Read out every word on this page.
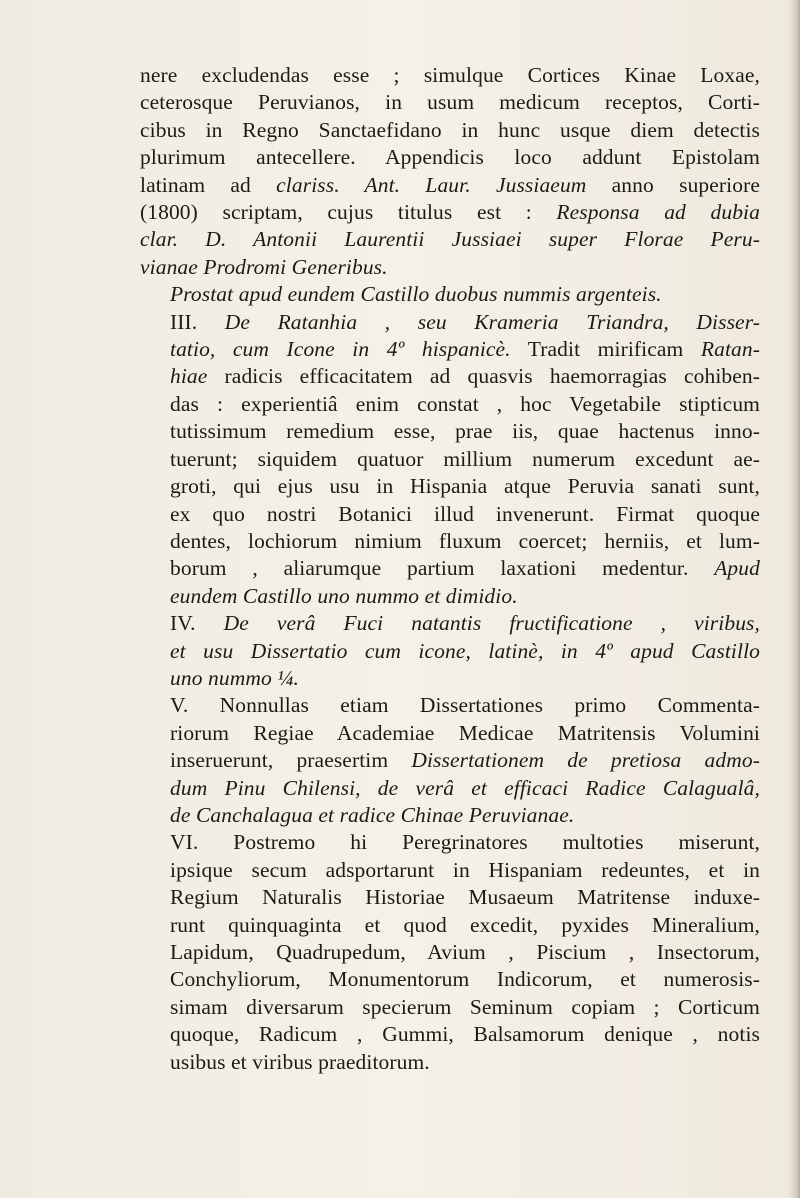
nere excludendas esse ; simulque Cortices Kinae Loxae,
ceterosque Peruvianos, in usum medicum receptos, Corti-
cibus in Regno Sanctaefidano in hunc usque diem detectis
plurimum antecellere. Appendicis loco addunt Epistolam
latinam ad clariss. Ant. Laur. Jussiaeum anno superiore
(1800) scriptam, cujus titulus est : Responsa ad dubia
clar. D. Antonii Laurentii Jussiaei super Florae Peru-
vianae Prodromi Generibus.

Prostat apud eundem Castillo duobus nummis argenteis.

III. De Ratanhia , seu Krameria Triandra, Disser-
tatio, cum Icone in 4º hispanicè. Tradit mirificam Ratan-
hiae radicis efficacitatem ad quasvis haemorragias cohiben-
das : experientiâ enim constat , hoc Vegetabile stipticum
tutissimum remedium esse, prae iis, quae hactenus inno-
tuerunt; siquidem quatuor millium numerum excedunt ae-
groti, qui ejus usu in Hispania atque Peruvia sanati sunt,
ex quo nostri Botanici illud invenerunt. Firmat quoque
dentes, lochiorum nimium fluxum coercet; herniis, et lum-
borum , aliarumque partium laxationi medentur. Apud
eundem Castillo uno nummo et dimidio.

IV. De verâ Fuci natantis fructificatione , viribus,
et usu Dissertatio cum icone, latinè, in 4º apud Castillo
uno nummo ¼.

V. Nonnullas etiam Dissertationes primo Commenta-
riorum Regiae Academiae Medicae Matritensis Volumini
inseruerunt, praesertim Dissertationem de pretiosa admo-
dum Pinu Chilensi, de verâ et efficaci Radice Calagualâ,
de Canchalagua et radice Chinae Peruvianae.

VI. Postremo hi Peregrinatores multoties miserunt,
ipsique secum adsportarunt in Hispaniam redeuntes, et in
Regium Naturalis Historiae Musaeum Matritense induxe-
runt quinquaginta et quod excedit, pyxides Mineralium,
Lapidum, Quadrupedum, Avium , Piscium , Insectorum,
Conchyliorum, Monumentorum Indicorum, et numerosis-
simam diversarum specierum Seminum copiam ; Corticum
quoque, Radicum , Gummi, Balsamorum denique , notis
usibus et viribus praeditorum.
